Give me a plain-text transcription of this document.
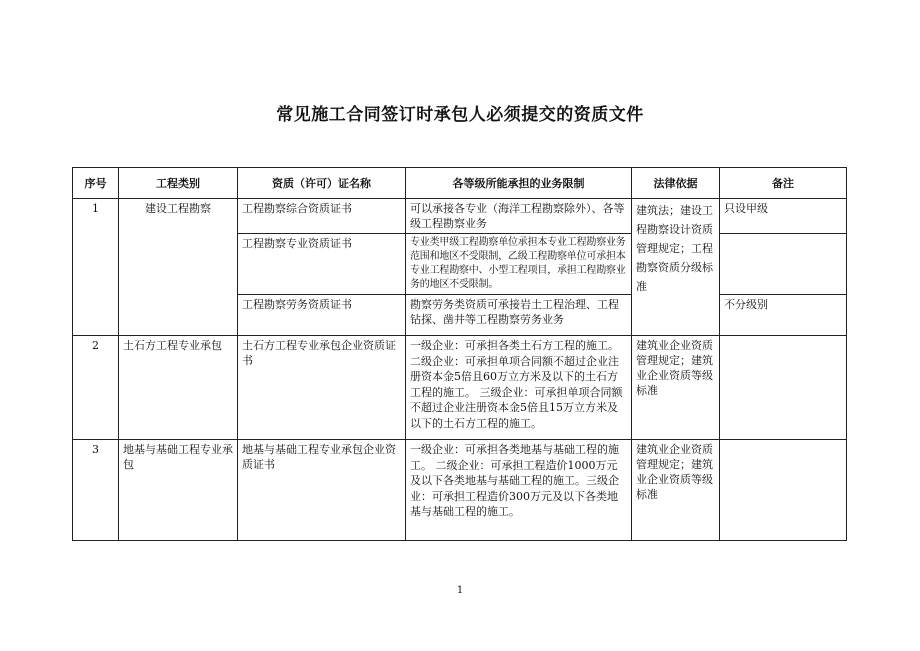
常见施工合同签订时承包人必须提交的资质文件
序号	工程类别	资质（许可）证名称	各等级所能承担的业务限制	法律依据	备注
1	建设工程勘察	工程勘察综合资质证书	可以承接各专业（海洋工程勘察除外）、各等级工程勘察业务	建筑法；建设工程勘察设计资质管理规定；工程勘察资质分级标准	只设甲级
		工程勘察专业资质证书	专业类甲级工程勘察单位承担本专业工程勘察业务范围和地区不受限制，乙级工程勘察单位可承担本专业工程勘察中、小型工程项目，承担工程勘察业务的地区不受限制。		
		工程勘察劳务资质证书	勘察劳务类资质可承接岩土工程治理、工程钻探、凿井等工程勘察劳务业务		不分级别
2	土石方工程专业承包	土石方工程专业承包企业资质证书	一级企业：可承担各类土石方工程的施工。 二级企业：可承担单项合同额不超过企业注册资本金5倍且60万立方米及以下的土石方工程的施工。 三级企业：可承担单项合同额不超过企业注册资本金5倍且15万立方米及以下的土石方工程的施工。	建筑业企业资质管理规定；建筑业企业资质等级标准	
3	地基与基础工程专业承包	地基与基础工程专业承包企业资质证书	一级企业：可承担各类地基与基础工程的施工。 二级企业：可承担工程造价1000万元及以下各类地基与基础工程的施工。三级企业：可承担工程造价300万元及以下各类地基与基础工程的施工。	建筑业企业资质管理规定；建筑业企业资质等级标准	
1
